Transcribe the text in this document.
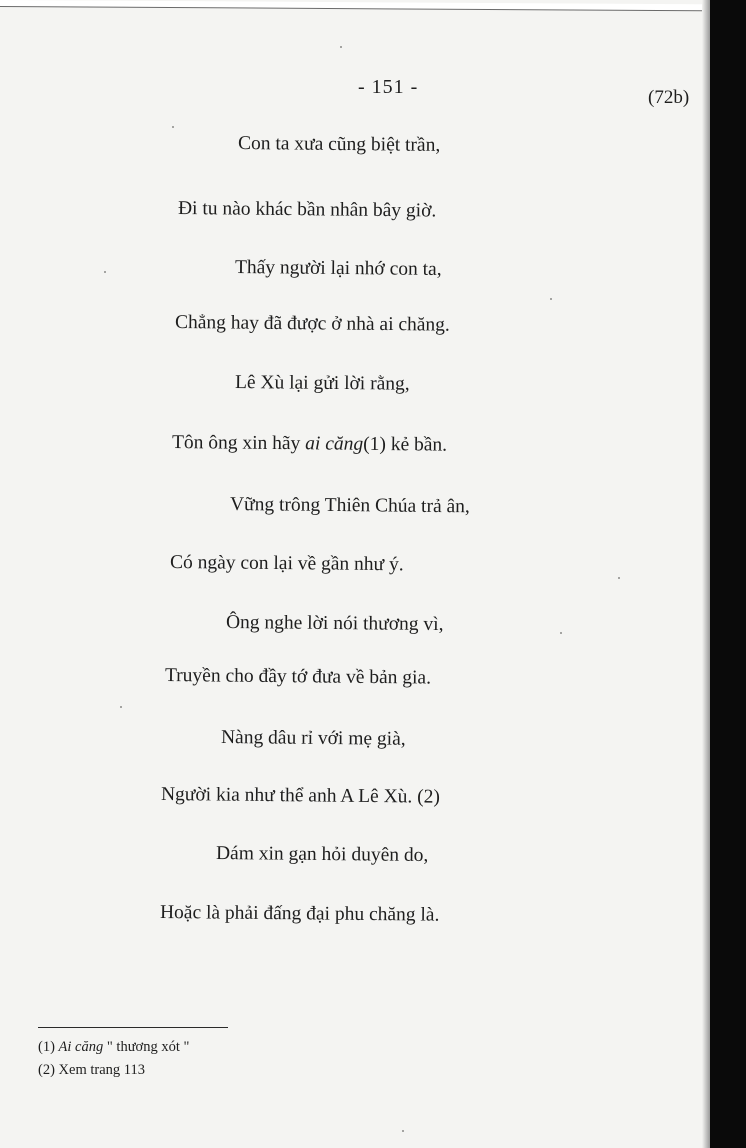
- 151 -	(72b)
Con ta xưa cũng biệt trần,
Đi tu nào khác bần nhân bây giờ.
Thấy người lại nhớ con ta,
Chẳng hay đã được ở nhà ai chăng.
Lê Xù lại gửi lời rằng,
Tôn ông xin hãy ai căng(1) kẻ bần.
Vững trông Thiên Chúa trả ân,
Có ngày con lại về gần như ý.
Ông nghe lời nói thương vì,
Truyền cho đầy tớ đưa về bản gia.
Nàng dâu rỉ với mẹ già,
Người kia như thể anh A Lê Xù. (2)
Dám xin gạn hỏi duyên do,
Hoặc là phải đấng đại phu chăng là.
(1) Ai căng " thương xót "
(2) Xem trang 113
